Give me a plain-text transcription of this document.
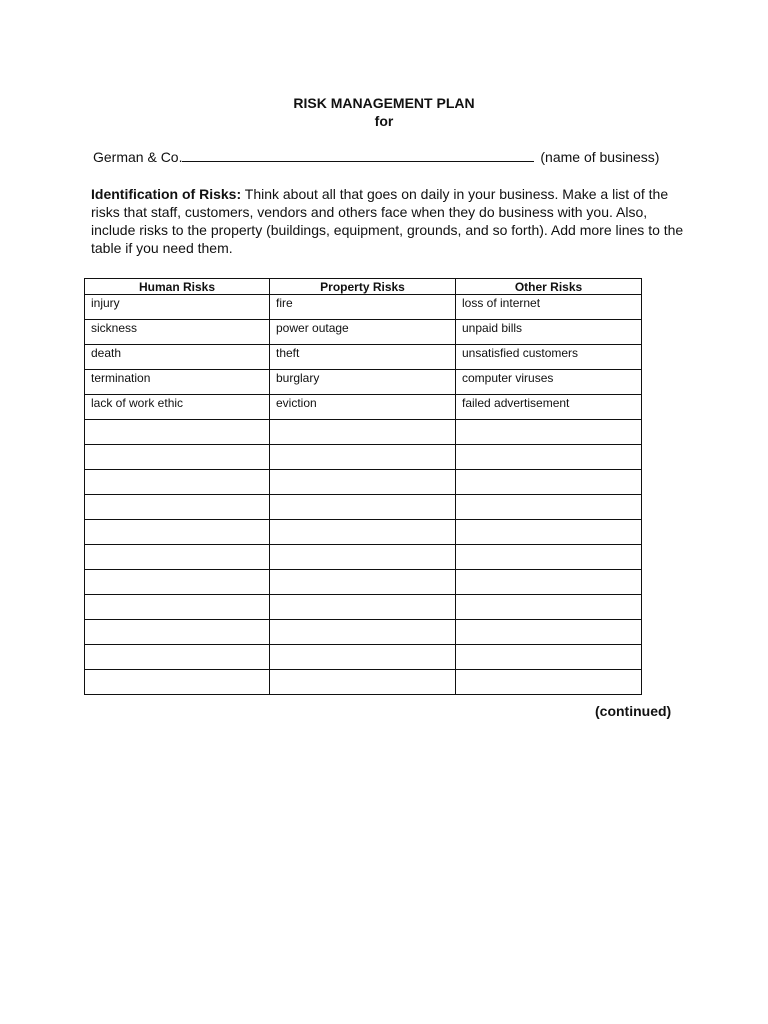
RISK MANAGEMENT PLAN
for
German & Co.	(name of business)
Identification of Risks: Think about all that goes on daily in your business. Make a list of the risks that staff, customers, vendors and others face when they do business with you. Also, include risks to the property (buildings, equipment, grounds, and so forth). Add more lines to the table if you need them.
Human Risks	Property Risks	Other Risks
injury	fire	loss of internet
sickness	power outage	unpaid bills
death	theft	unsatisfied customers
termination	burglary	computer viruses
lack of work ethic	eviction	failed advertisement

(continued)
